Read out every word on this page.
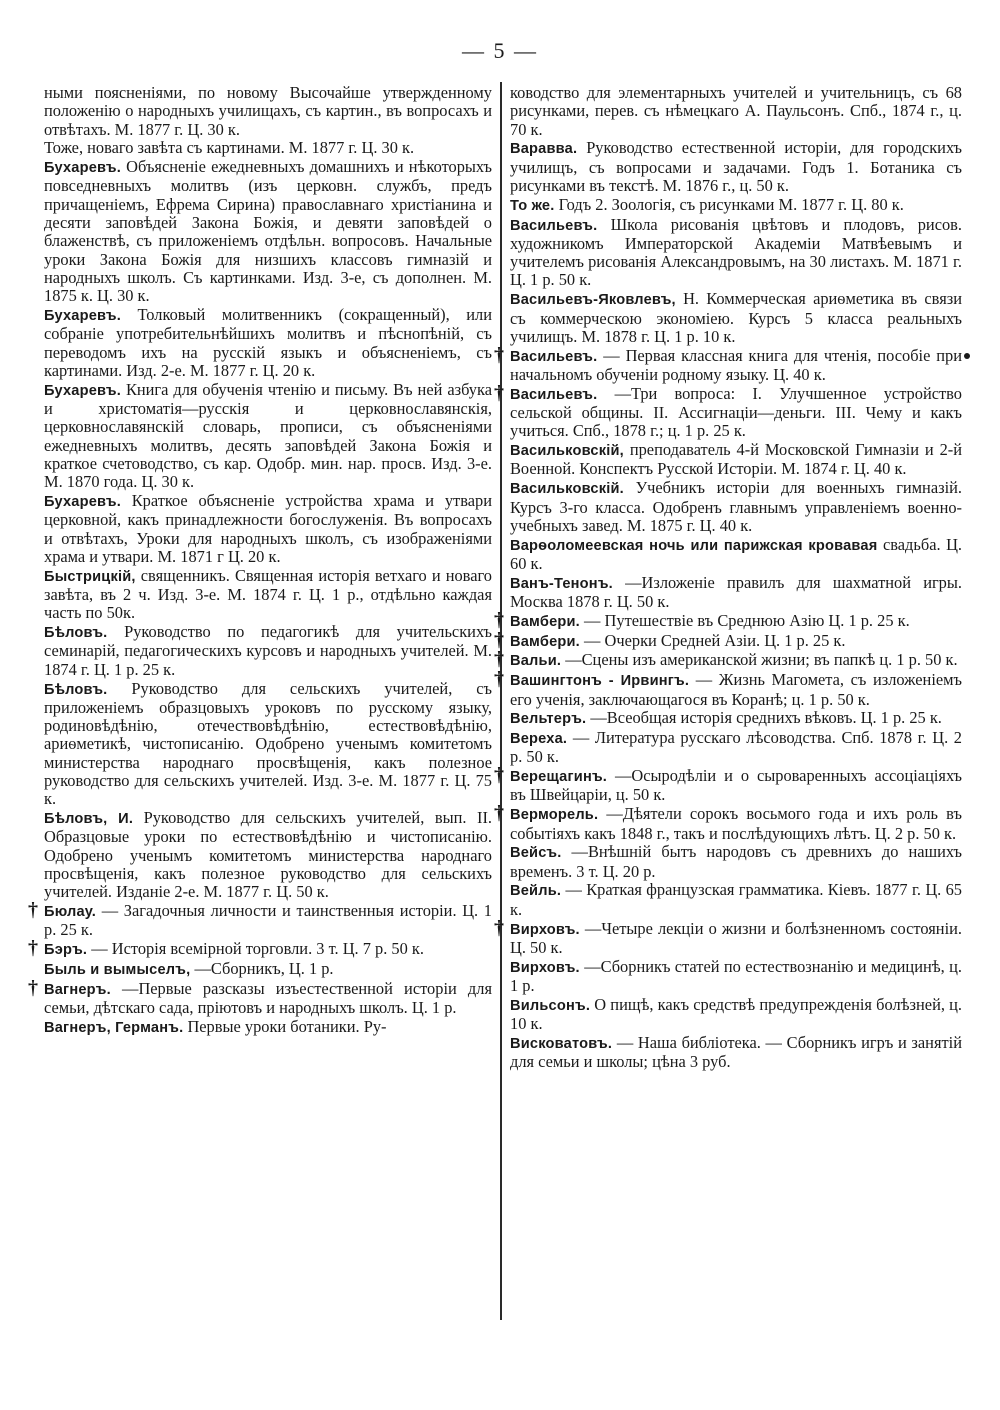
— 5 —
ными поясненіями, по новому Высочайше утвержденному положенію о народныхъ училищахъ, съ картин., въ вопросахъ и отвѣтахъ. М. 1877 г. Ц. 30 к.
Тоже, новаго завѣта съ картинами. М. 1877 г. Ц. 30 к.
Бухаревъ. Объясненіе ежедневныхъ домашнихъ и нѣкоторыхъ повседневныхъ молитвъ (изъ церковн. службъ, предъ причащеніемъ, Ефрема Сирина) православнаго христіанина и десяти заповѣдей Закона Божія, и девяти заповѣдей о блаженствѣ, съ приложеніемъ отдѣльн. вопросовъ. Начальные уроки Закона Божія для низшихъ классовъ гимназій и народныхъ школъ. Съ картинками. Изд. 3-е, съ дополнен. М. 1875 к. Ц. 30 к.
Бухаревъ. Толковый молитвенникъ (сокращенный), или собраніе употребительнѣйшихъ молитвъ и пѣснопѣній, съ переводомъ ихъ на русскій языкъ и объясненіемъ, съ картинами. Изд. 2-е. М. 1877 г. Ц. 20 к.
Бухаревъ. Книга для обученія чтенію и письму. Въ ней азбука и христоматія—русскія и церковнославянскія, церковнославянскій словарь, прописи, съ объясненіями ежедневныхъ молитвъ, десять заповѣдей Закона Божія и краткое счетоводство, съ кар. Одобр. мин. нар. просв. Изд. 3-е. М. 1870 года. Ц. 30 к.
Бухаревъ. Краткое объясненіе устройства храма и утвари церковной, какъ принадлежности богослуженія. Въ вопросахъ и отвѣтахъ, Уроки для народныхъ школъ, съ изображеніями храма и утвари. М. 1871 г Ц. 20 к.
Быстрицкій, священникъ. Священная исторія ветхаго и новаго завѣта, въ 2 ч. Изд. 3-е. М. 1874 г. Ц. 1 р., отдѣльно каждая часть по 50к.
Бѣловъ. Руководство по педагогикѣ для учительскихъ семинарій, педагогическихъ курсовъ и народныхъ учителей. М. 1874 г. Ц. 1 р. 25 к.
Бѣловъ. Руководство для сельскихъ учителей, съ приложеніемъ образцовыхъ уроковъ по русскому языку, родиновѣдѣнію, отечествовѣдѣнію, естествовѣдѣнію, ариѳметикѣ, чистописанію. Одобрено ученымъ комитетомъ министерства народнаго просвѣщенія, какъ полезное руководство для сельскихъ учителей. Изд. 3-е. М. 1877 г. Ц. 75 к.
Бѣловъ, И. Руководство для сельскихъ учителей, вып. II. Образцовые уроки по естествовѣдѣнію и чистописанію. Одобрено ученымъ комитетомъ министерства народнаго просвѣщенія, какъ полезное руководство для сельскихъ учителей. Изданіе 2-е. М. 1877 г. Ц. 50 к.
† Бюлау. — Загадочныя личности и таинственныя исторіи. Ц. 1 р. 25 к.
† Бэръ. — Исторія всемірной торговли. 3 т. Ц. 7 р. 50 к.
Быль и вымыселъ, —Сборникъ, Ц. 1 р.
† Вагнеръ. —Первые разсказы изъестественной исторіи для семьи, дѣтскаго сада, пріютовъ и народныхъ школъ. Ц. 1 р.
Вагнеръ, Германъ. Первые уроки ботаники. Ру-
ководство для элементарныхъ учителей и учительницъ, съ 68 рисунками, перев. съ нѣмецкаго А. Паульсонъ. Спб., 1874 г., ц. 70 к.
Варавва. Руководство естественной исторіи, для городскихъ училищъ, съ вопросами и задачами. Годъ 1. Ботаника съ рисунками въ текстѣ. М. 1876 г., ц. 50 к.
То же. Годъ 2. Зоологія, съ рисунками М. 1877 г. Ц. 80 к.
Васильевъ. Школа рисованія цвѣтовъ и плодовъ, рисов. художникомъ Императорской Академіи Матвѣевымъ и учителемъ рисованія Александровымъ, на 30 листахъ. М. 1871 г. Ц. 1 р. 50 к.
Васильевъ-Яковлевъ, Н. Коммерческая ариѳметика въ связи съ коммерческою экономіею. Курсъ 5 класса реальныхъ училищъ. М. 1878 г. Ц. 1 р. 10 к.
† Васильевъ. — Первая классная книга для чтенія, пособіе при начальномъ обученіи родному языку. Ц. 40 к.
† Васильевъ. —Три вопроса: I. Улучшенное устройство сельской общины. II. Ассигнаціи—деньги. III. Чему и какъ учиться. Спб., 1878 г.; ц. 1 р. 25 к.
Васильковскій, преподаватель 4-й Московской Гимназіи и 2-й Военной. Конспектъ Русской Исторіи. М. 1874 г. Ц. 40 к.
Васильковскій. Учебникъ исторіи для военныхъ гимназій. Курсъ 3-го класса. Одобренъ главнымъ управленіемъ военно-учебныхъ завед. М. 1875 г. Ц. 40 к.
Варѳоломеевская ночь или парижская кровавая свадьба. Ц. 60 к.
Ванъ-Тенонъ. —Изложеніе правилъ для шахматной игры. Москва 1878 г. Ц. 50 к.
† Вамбери. — Путешествіе въ Среднюю Азію Ц. 1 р. 25 к.
† Вамбери. — Очерки Средней Азіи. Ц. 1 р. 25 к.
† Вальи. —Сцены изъ американской жизни; въ папкѣ ц. 1 р. 50 к.
† Вашингтонъ - Ирвингъ. — Жизнь Магомета, съ изложеніемъ его ученія, заключающагося въ Коранѣ; ц. 1 р. 50 к.
Вельтеръ. —Всеобщая исторія среднихъ вѣковъ. Ц. 1 р. 25 к.
Вереха. — Литература русскаго лѣсоводства. Спб. 1878 г. Ц. 2 р. 50 к.
† Верещагинъ. —Осыродѣліи и о сыроваренныхъ ассоціаціяхъ въ Швейцаріи, ц. 50 к.
† Верморель. —Дѣятели сорокъ восьмого года и ихъ роль въ событіяхъ какъ 1848 г., такъ и послѣдующихъ лѣтъ. Ц. 2 р. 50 к.
Вейсъ. —Внѣшній бытъ народовъ съ древнихъ до нашихъ временъ. 3 т. Ц. 20 р.
Вейль. — Краткая французская грамматика. Кіевъ. 1877 г. Ц. 65 к.
† Вирховъ. —Четыре лекціи о жизни и болѣзненномъ состояніи. Ц. 50 к.
Вирховъ. —Сборникъ статей по естествознанію и медицинѣ, ц. 1 р.
Вильсонъ. О пищѣ, какъ средствѣ предупрежденія болѣзней, ц. 10 к.
Висковатовъ. — Наша библіотека. — Сборникъ игръ и занятій для семьи и школы; цѣна 3 руб.
